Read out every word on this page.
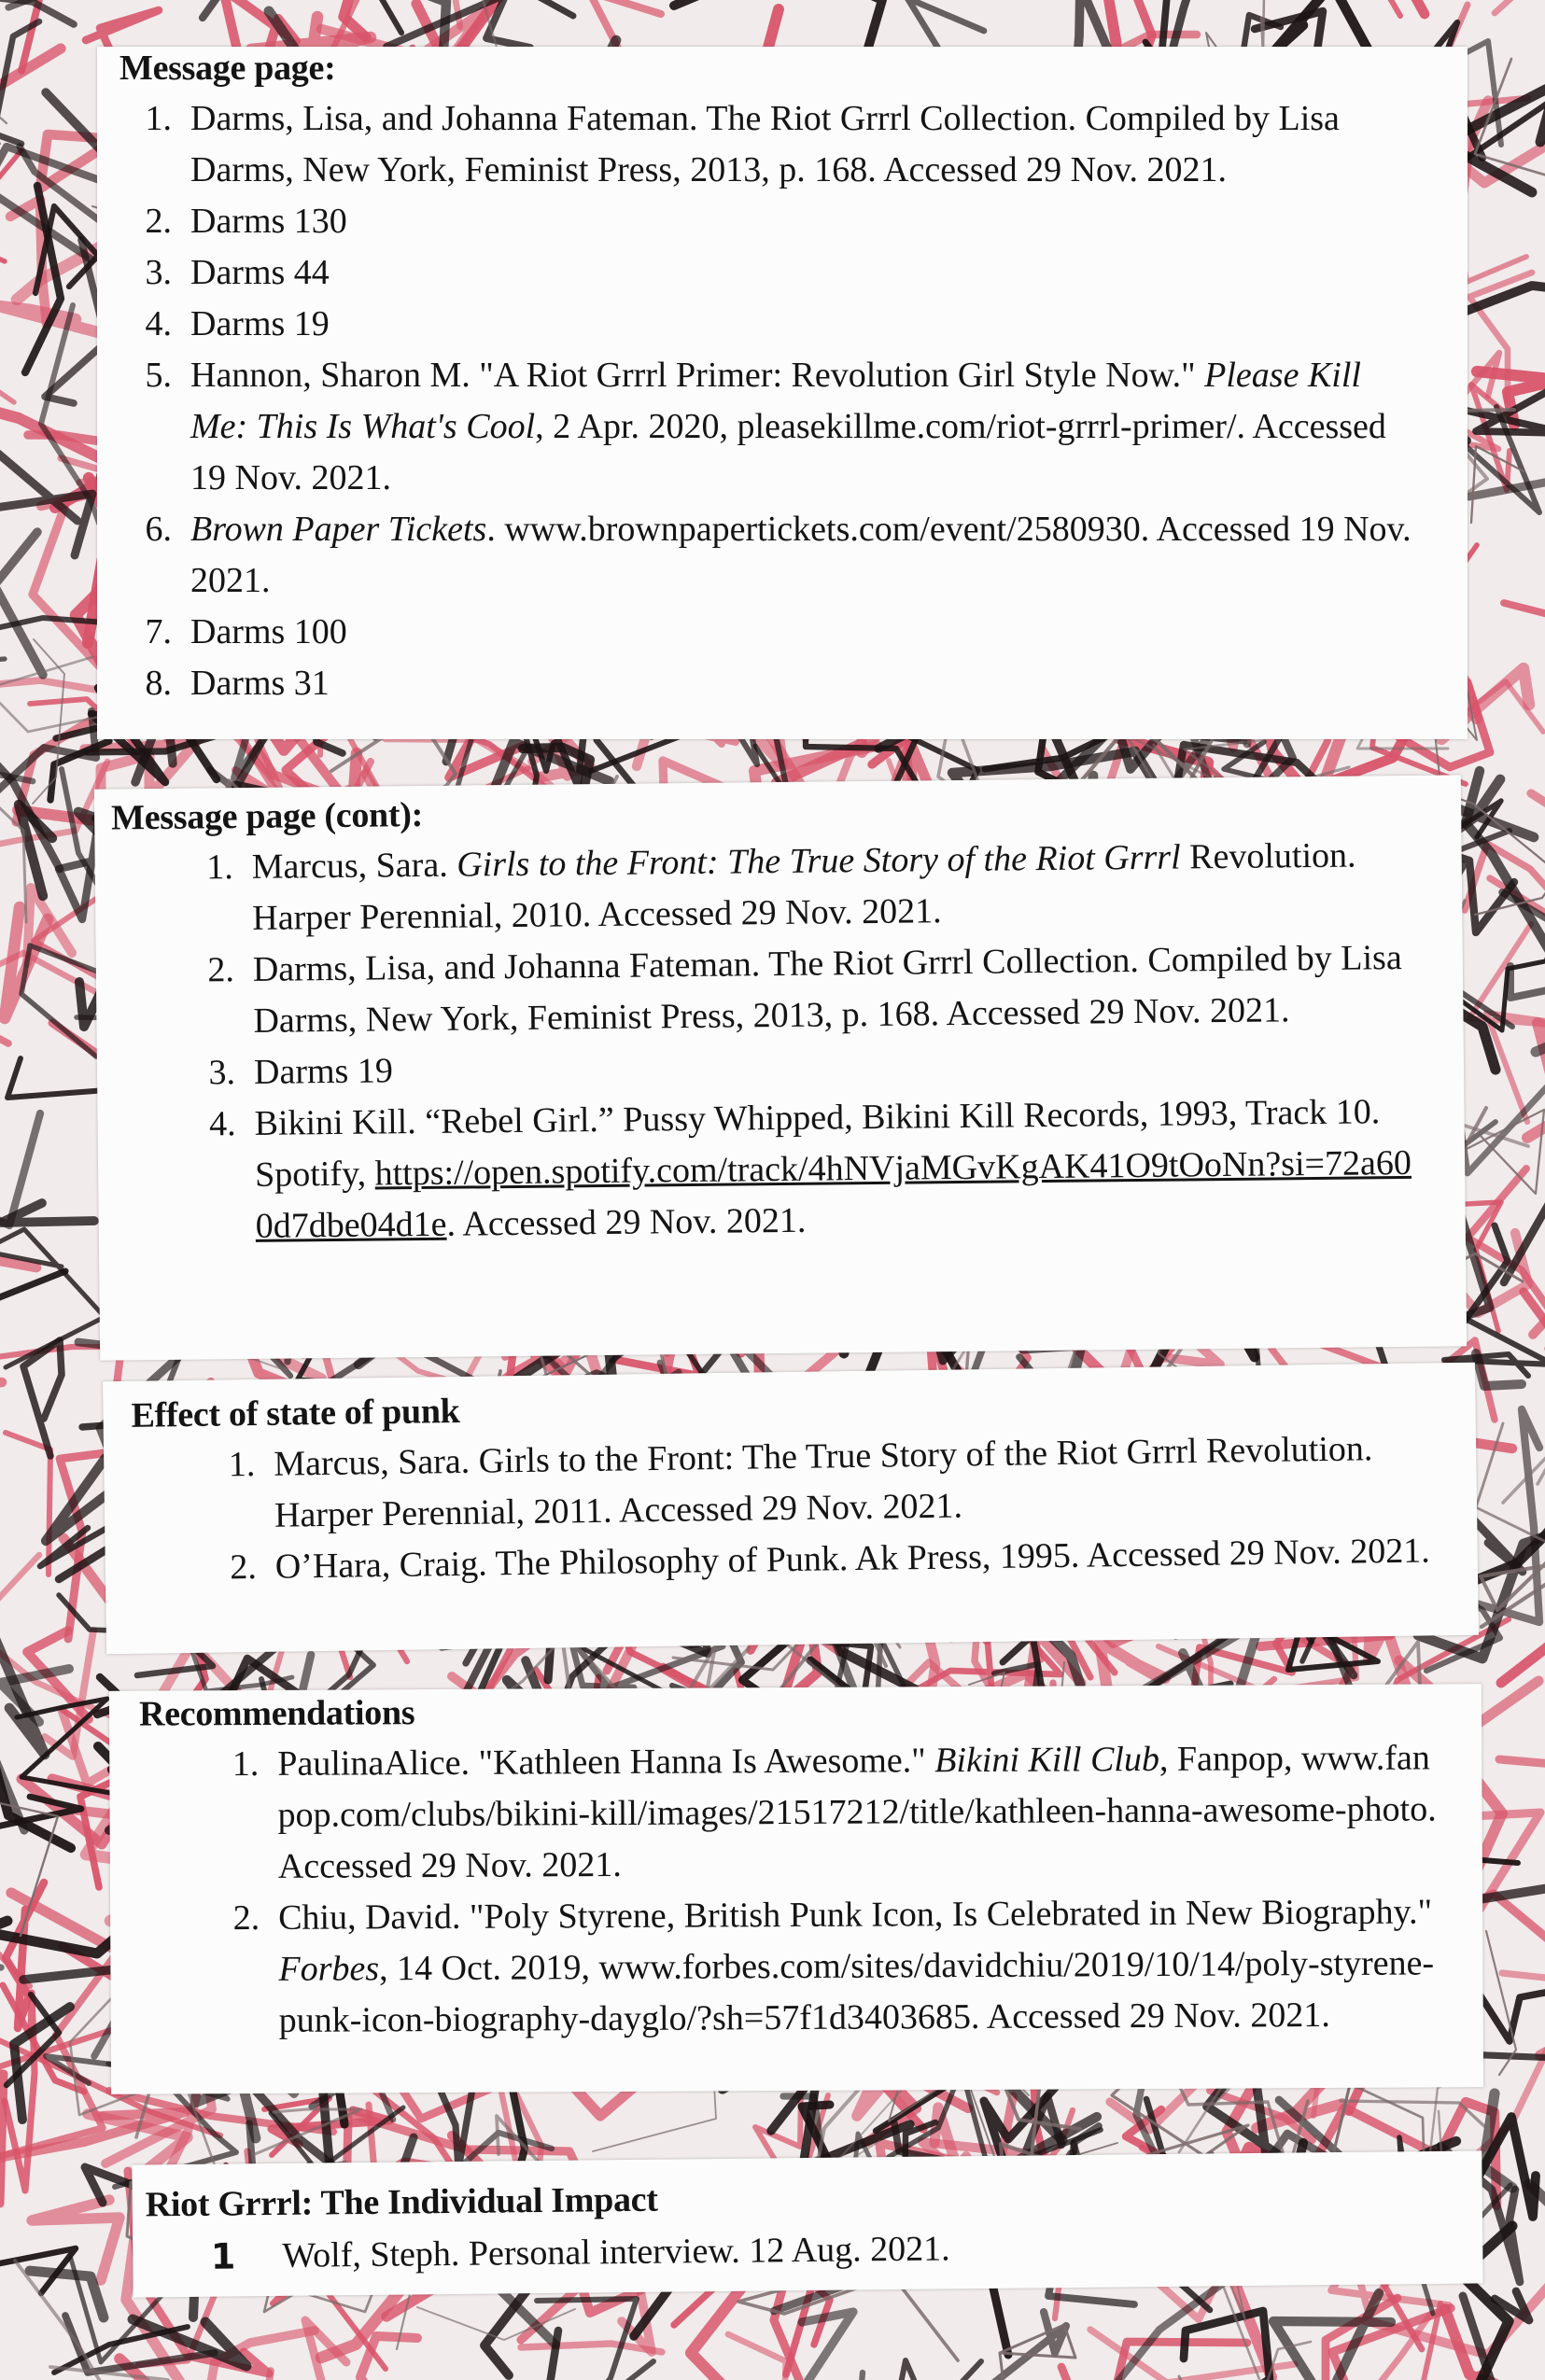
Message page:
1. Darms, Lisa, and Johanna Fateman. The Riot Grrrl Collection. Compiled by Lisa Darms, New York, Feminist Press, 2013, p. 168. Accessed 29 Nov. 2021.
2. Darms 130
3. Darms 44
4. Darms 19
5. Hannon, Sharon M. "A Riot Grrrl Primer: Revolution Girl Style Now." Please Kill Me: This Is What's Cool, 2 Apr. 2020, pleasekillme.com/riot-grrrl-primer/. Accessed 19 Nov. 2021.
6. Brown Paper Tickets. www.brownpapertickets.com/event/2580930. Accessed 19 Nov. 2021.
7. Darms 100
8. Darms 31
Message page (cont):
1. Marcus, Sara. Girls to the Front: The True Story of the Riot Grrrl Revolution. Harper Perennial, 2010. Accessed 29 Nov. 2021.
2. Darms, Lisa, and Johanna Fateman. The Riot Grrrl Collection. Compiled by Lisa Darms, New York, Feminist Press, 2013, p. 168. Accessed 29 Nov. 2021.
3. Darms 19
4. Bikini Kill. “Rebel Girl.” Pussy Whipped, Bikini Kill Records, 1993, Track 10. Spotify, https://open.spotify.com/track/4hNVjaMGvKgAK41O9tOoNn?si=72a600d7dbe04d1e. Accessed 29 Nov. 2021.
Effect of state of punk
1. Marcus, Sara. Girls to the Front: The True Story of the Riot Grrrl Revolution. Harper Perennial, 2011. Accessed 29 Nov. 2021.
2. O’Hara, Craig. The Philosophy of Punk. Ak Press, 1995. Accessed 29 Nov. 2021.
Recommendations
1. PaulinaAlice. "Kathleen Hanna Is Awesome." Bikini Kill Club, Fanpop, www.fanpop.com/clubs/bikini-kill/images/21517212/title/kathleen-hanna-awesome-photo. Accessed 29 Nov. 2021.
2. Chiu, David. "Poly Styrene, British Punk Icon, Is Celebrated in New Biography." Forbes, 14 Oct. 2019, www.forbes.com/sites/davidchiu/2019/10/14/poly-styrene-punk-icon-biography-dayglo/?sh=57f1d3403685. Accessed 29 Nov. 2021.
Riot Grrrl: The Individual Impact
1 Wolf, Steph. Personal interview. 12 Aug. 2021.
